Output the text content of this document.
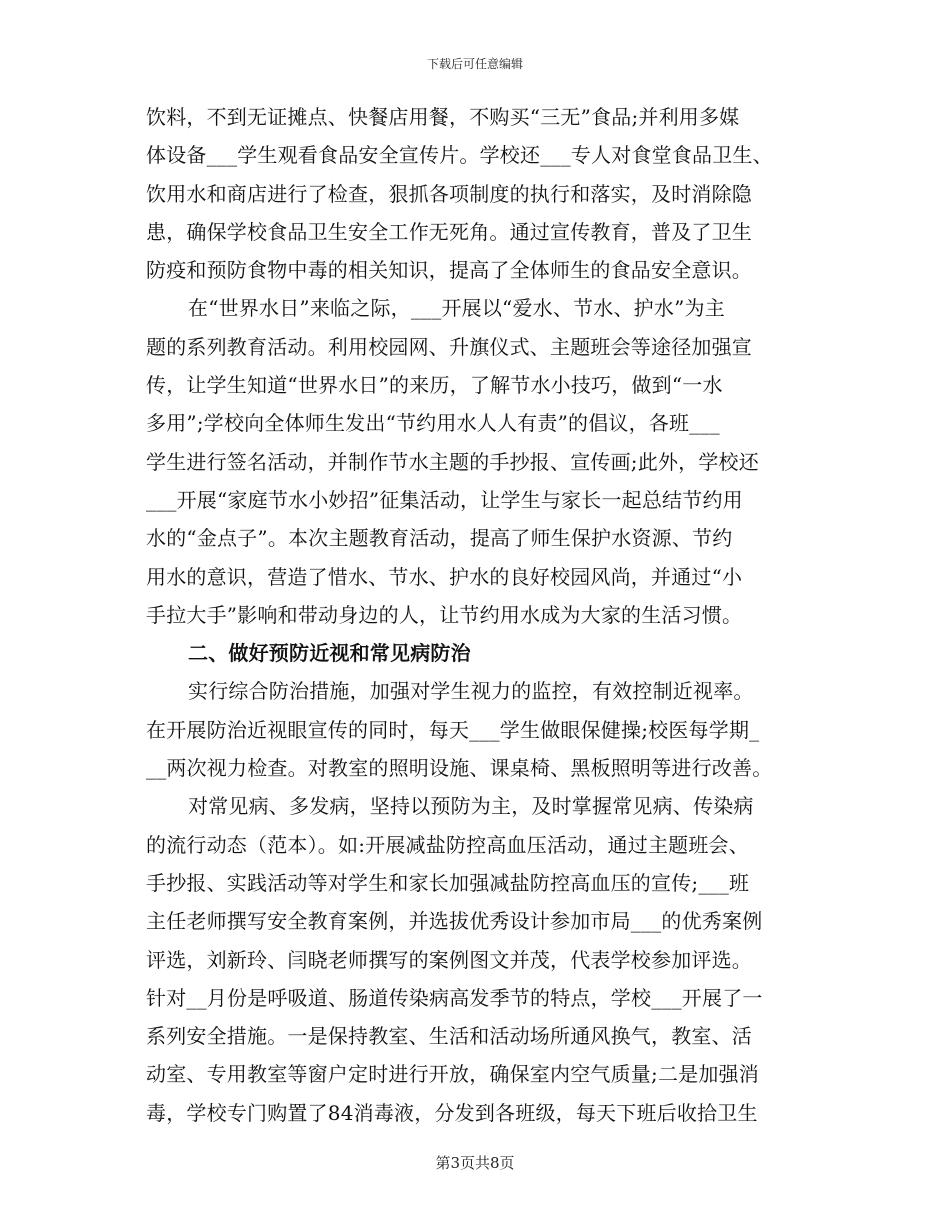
下载后可任意编辑
饮料，不到无证摊点、快餐店用餐，不购买“三无”食品;并利用多媒
体设备___学生观看食品安全宣传片。学校还___专人对食堂食品卫生、
饮用水和商店进行了检查，狠抓各项制度的执行和落实，及时消除隐
患，确保学校食品卫生安全工作无死角。通过宣传教育，普及了卫生
防疫和预防食物中毒的相关知识，提高了全体师生的食品安全意识。
在“世界水日”来临之际，___开展以“爱水、节水、护水”为主
题的系列教育活动。利用校园网、升旗仪式、主题班会等途径加强宣
传，让学生知道“世界水日”的来历，了解节水小技巧，做到“一水
多用”;学校向全体师生发出“节约用水人人有责”的倡议，各班___
学生进行签名活动，并制作节水主题的手抄报、宣传画;此外，学校还
___开展“家庭节水小妙招”征集活动，让学生与家长一起总结节约用
水的“金点子”。本次主题教育活动，提高了师生保护水资源、节约
用水的意识，营造了惜水、节水、护水的良好校园风尚，并通过“小
手拉大手”影响和带动身边的人，让节约用水成为大家的生活习惯。
二、做好预防近视和常见病防治
实行综合防治措施，加强对学生视力的监控，有效控制近视率。
在开展防治近视眼宣传的同时，每天___学生做眼保健操;校医每学期_
__两次视力检查。对教室的照明设施、课桌椅、黑板照明等进行改善。
对常见病、多发病，坚持以预防为主，及时掌握常见病、传染病
的流行动态（范本）。如:开展减盐防控高血压活动，通过主题班会、
手抄报、实践活动等对学生和家长加强减盐防控高血压的宣传;___班
主任老师撰写安全教育案例，并选拔优秀设计参加市局___的优秀案例
评选，刘新玲、闫晓老师撰写的案例图文并茂，代表学校参加评选。
针对__月份是呼吸道、肠道传染病高发季节的特点，学校___开展了一
系列安全措施。一是保持教室、生活和活动场所通风换气，教室、活
动室、专用教室等窗户定时进行开放，确保室内空气质量;二是加强消
毒，学校专门购置了84消毒液，分发到各班级，每天下班后收拾卫生
第3页共8页
